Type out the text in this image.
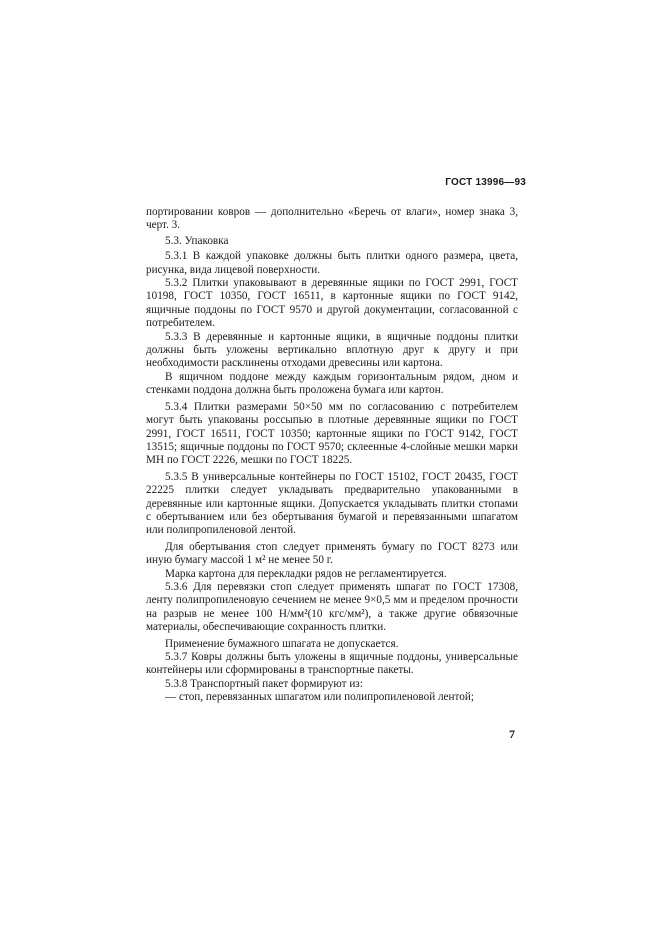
ГОСТ 13996—93

портировании ковров — дополнительно «Беречь от влаги», номер знака 3, черт. 3.

5.3. Упаковка

5.3.1 В каждой упаковке должны быть плитки одного размера, цвета, рисунка, вида лицевой поверхности.

5.3.2 Плитки упаковывают в деревянные ящики по ГОСТ 2991, ГОСТ 10198, ГОСТ 10350, ГОСТ 16511, в картонные ящики по ГОСТ 9142, ящичные поддоны по ГОСТ 9570 и другой документации, согласованной с потребителем.

5.3.3 В деревянные и картонные ящики, в ящичные поддоны плитки должны быть уложены вертикально вплотную друг к другу и при необходимости расклинены отходами древесины или картона.

В ящичном поддоне между каждым горизонтальным рядом, дном и стенками поддона должна быть проложена бумага или картон.

5.3.4 Плитки размерами 50×50 мм по согласованию с потребителем могут быть упакованы россыпью в плотные деревянные ящики по ГОСТ 2991, ГОСТ 16511, ГОСТ 10350; картонные ящики по ГОСТ 9142, ГОСТ 13515; ящичные поддоны по ГОСТ 9570; склеенные 4-слойные мешки марки МН по ГОСТ 2226, мешки по ГОСТ 18225.

5.3.5 В универсальные контейнеры по ГОСТ 15102, ГОСТ 20435, ГОСТ 22225 плитки следует укладывать предварительно упакованными в деревянные или картонные ящики. Допускается укладывать плитки стопами с обертыванием или без обертывания бумагой и перевязанными шпагатом или полипропиленовой лентой.

Для обертывания стоп следует применять бумагу по ГОСТ 8273 или иную бумагу массой 1 м² не менее 50 г.

Марка картона для перекладки рядов не регламентируется.

5.3.6 Для перевязки стоп следует применять шпагат по ГОСТ 17308, ленту полипропиленовую сечением не менее 9×0,5 мм и пределом прочности на разрыв не менее 100 Н/мм²(10 кгс/мм²), а также другие обвязочные материалы, обеспечивающие сохранность плитки.

Применение бумажного шпагата не допускается.

5.3.7 Ковры должны быть уложены в ящичные поддоны, универсальные контейнеры или сформированы в транспортные пакеты.

5.3.8 Транспортный пакет формируют из:

— стоп, перевязанных шпагатом или полипропиленовой лентой;

7
